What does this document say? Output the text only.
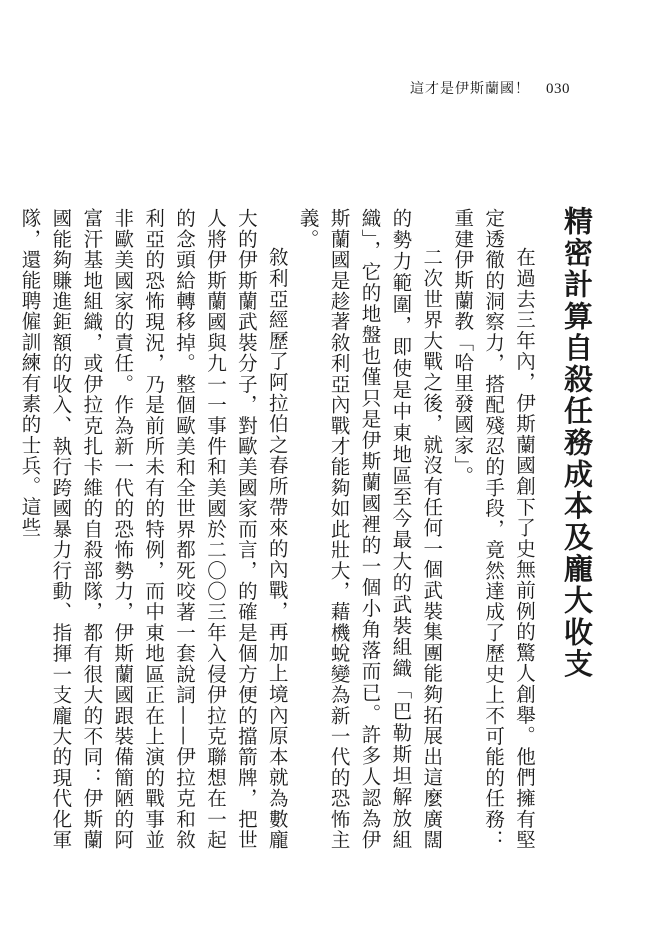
這才是伊斯蘭國！ 030
精密計算自殺任務成本及龐大收支

在過去三年內，伊斯蘭國創下了史無前例的驚人創舉。他們擁有堅定透徹的洞察力，搭配殘忍的手段，竟然達成了歷史上不可能的任務：重建伊斯蘭教「哈里發國家」。

二次世界大戰之後，就沒有任何一個武裝集團能夠拓展出這麼廣闊的勢力範圍，即使是中東地區至今最大的武裝組織「巴勒斯坦解放組織」，它的地盤也僅只是伊斯蘭國裡的一個小角落而已。許多人認為伊斯蘭國是趁著敘利亞內戰才能夠如此壯大，藉機蛻變為新一代的恐怖主義。

敘利亞經歷了阿拉伯之春所帶來的內戰，再加上境內原本就為數龐大的伊斯蘭武裝分子，對歐美國家而言，的確是個方便的擋箭牌，把世人將伊斯蘭國與九一一事件和美國於二〇〇三年入侵伊拉克聯想在一起的念頭給轉移掉。整個歐美和全世界都死咬著一套說詞——伊拉克和敘利亞的恐怖現況，乃是前所未有的特例，而中東地區正在上演的戰事並非歐美國家的責任。作為新一代的恐怖勢力，伊斯蘭國跟裝備簡陋的阿富汗基地組織，或伊拉克扎卡維的自殺部隊，都有很大的不同：伊斯蘭國能夠賺進鉅額的收入、執行跨國暴力行動、指揮一支龐大的現代化軍隊，還能聘僱訓練有素的士兵。這些
